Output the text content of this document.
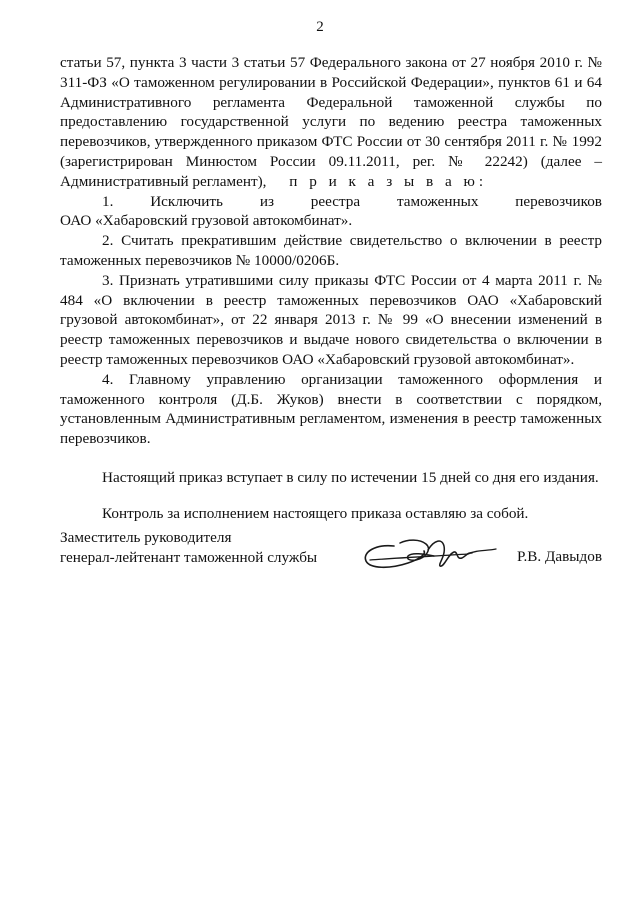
2

статьи 57, пункта 3 части 3 статьи 57 Федерального закона от 27 ноября 2010 г. № 311-ФЗ «О таможенном регулировании в Российской Федерации», пунктов 61 и 64 Административного регламента Федеральной таможенной службы по предоставлению государственной услуги по ведению реестра таможенных перевозчиков, утвержденного приказом ФТС России от 30 сентября 2011 г. № 1992 (зарегистрирован Минюстом России 09.11.2011, рег. № 22242) (далее – Административный регламент), п р и к а з ы в а ю:

1. Исключить из реестра таможенных перевозчиков

ОАО «Хабаровский грузовой автокомбинат».

2. Считать прекратившим действие свидетельство о включении в реестр таможенных перевозчиков № 10000/0206Б.

3. Признать утратившими силу приказы ФТС России от 4 марта 2011 г. № 484 «О включении в реестр таможенных перевозчиков ОАО «Хабаровский грузовой автокомбинат», от 22 января 2013 г. № 99 «О внесении изменений в реестр таможенных перевозчиков и выдаче нового свидетельства о включении в реестр таможенных перевозчиков ОАО «Хабаровский грузовой автокомбинат».

4. Главному управлению организации таможенного оформления и таможенного контроля (Д.Б. Жуков) внести в соответствии с порядком, установленным Административным регламентом, изменения в реестр таможенных перевозчиков.

Настоящий приказ вступает в силу по истечении 15 дней со дня его издания.

Контроль за исполнением настоящего приказа оставляю за собой.

Заместитель руководителя
генерал-лейтенант таможенной службы	Р.В. Давыдов
